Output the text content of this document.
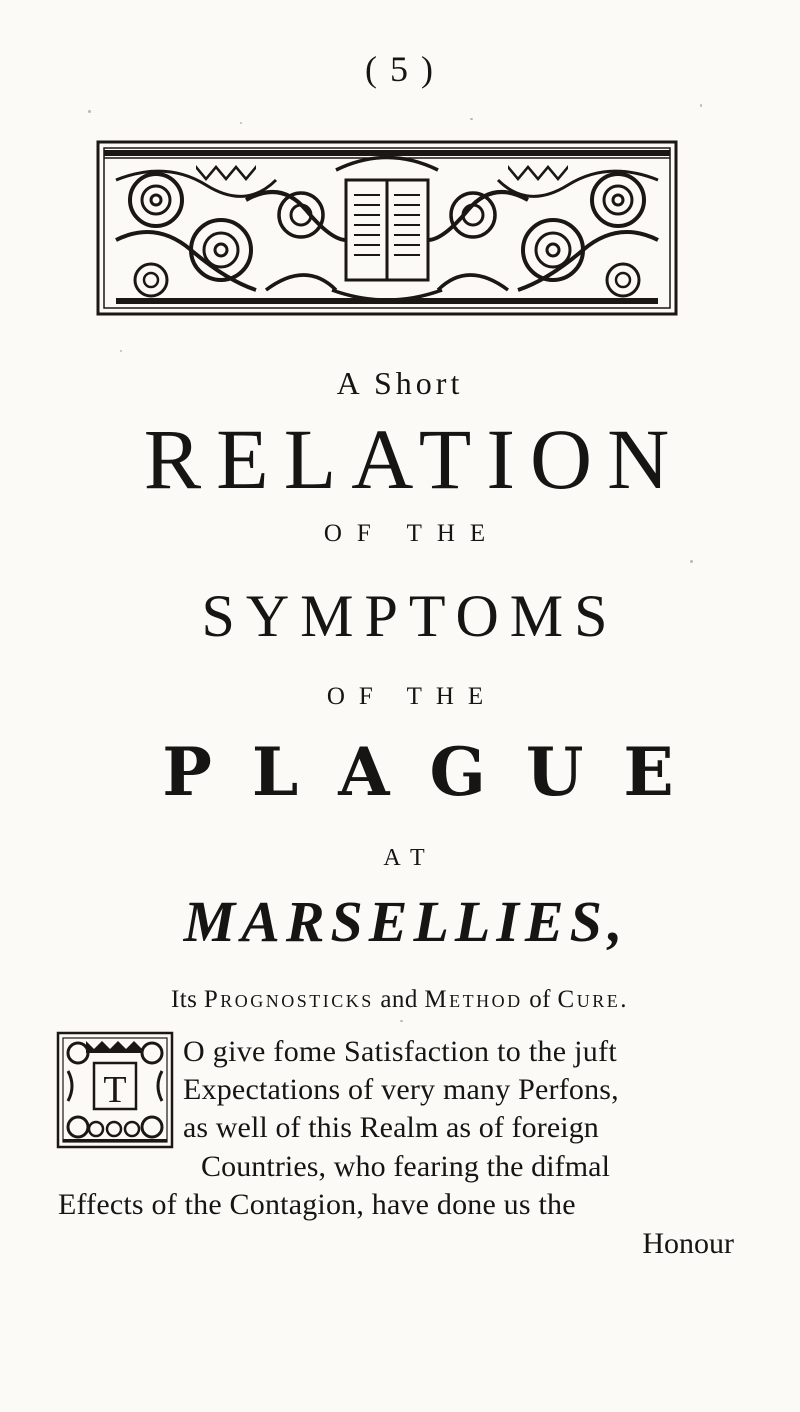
( 5 )
A Short
RELATION
OF THE
SYMPTOMS
OF THE
PLAGUE
AT
MARSELLIES,
Its Prognosticks and Method of Cure.
T
O give fome Satisfaction to the juft
Expectations of very many Perfons,
as well of this Realm as of foreign
Countries, who fearing the difmal
Effects of the Contagion, have done us the
Honour
